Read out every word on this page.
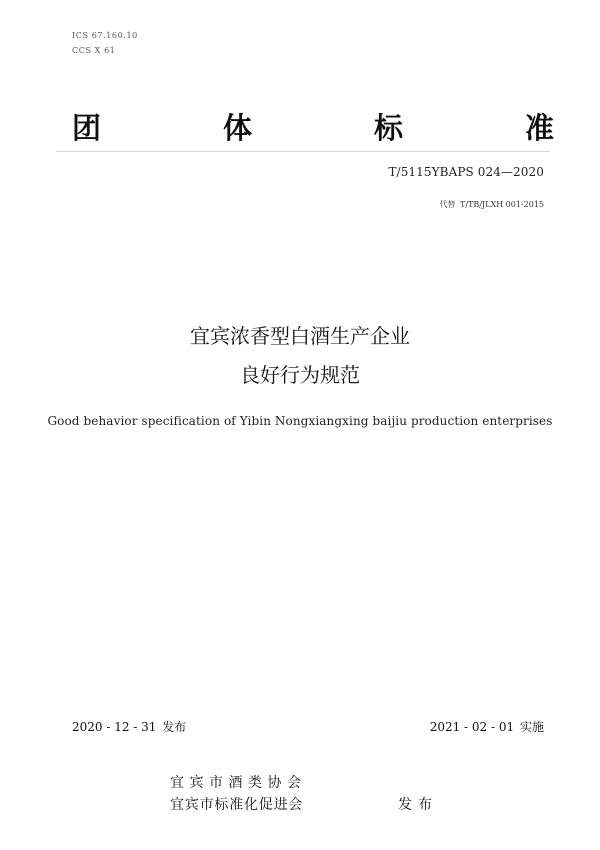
ICS 67.160.10
CCS X 61
团	体	标	准
T/5115YBAPS 024—2020
代替 T/TB/JLXH 001-2015
宜宾浓香型白酒生产企业
良好行为规范
Good behavior specification of Yibin Nongxiangxing baijiu production enterprises
2020 - 12 - 31 发布	2021 - 02 - 01 实施
宜宾市酒类协会
宜宾市标准化促进会	发布
